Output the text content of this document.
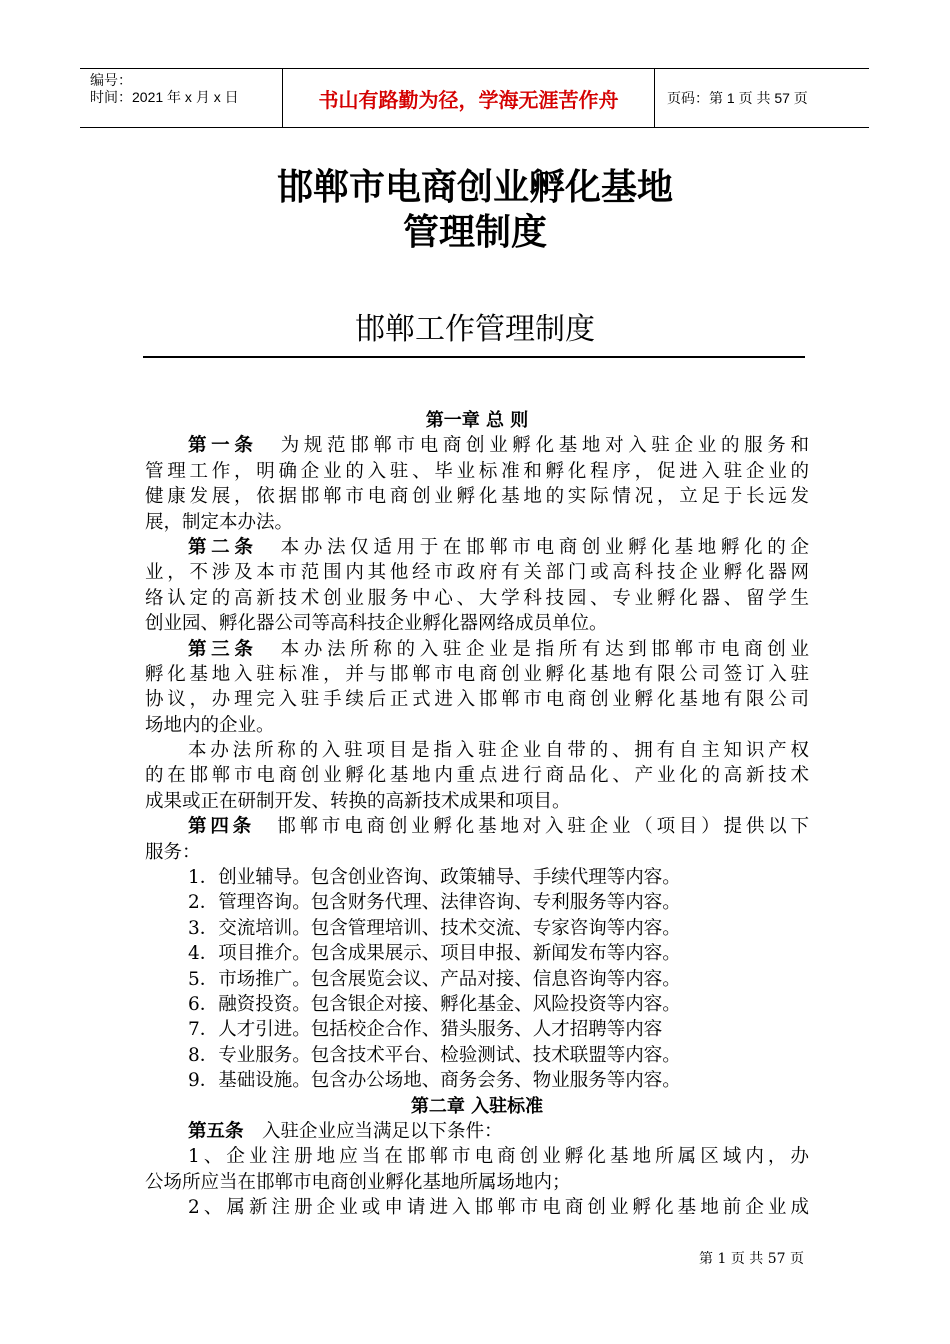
编号：
时间：2021 年 x 月 x 日	书山有路勤为径，学海无涯苦作舟	页码：第 1 页 共 57 页
邯郸市电商创业孵化基地
管理制度
邯郸工作管理制度
第一章 总 则
第一条　 为规范邯郸市电商创业孵化基地对入驻企业的服务和
管理工作，明确企业的入驻、毕业标准和孵化程序，促进入驻企业的
健康发展，依据邯郸市电商创业孵化基地的实际情况，立足于长远发
展，制定本办法。
第二条　 本办法仅适用于在邯郸市电商创业孵化基地孵化的企
业，不涉及本市范围内其他经市政府有关部门或高科技企业孵化器网
络认定的高新技术创业服务中心、大学科技园、专业孵化器、留学生
创业园、孵化器公司等高科技企业孵化器网络成员单位。
第三条　 本办法所称的入驻企业是指所有达到邯郸市电商创业
孵化基地入驻标准，并与邯郸市电商创业孵化基地有限公司签订入驻
协议，办理完入驻手续后正式进入邯郸市电商创业孵化基地有限公司
场地内的企业。
本办法所称的入驻项目是指入驻企业自带的、拥有自主知识产权
的在邯郸市电商创业孵化基地内重点进行商品化、产业化的高新技术
成果或正在研制开发、转换的高新技术成果和项目。
第四条　 邯郸市电商创业孵化基地对入驻企业（项目）提供以下
服务：
1．创业辅导。包含创业咨询、政策辅导、手续代理等内容。
2．管理咨询。包含财务代理、法律咨询、专利服务等内容。
3．交流培训。包含管理培训、技术交流、专家咨询等内容。
4．项目推介。包含成果展示、项目申报、新闻发布等内容。
5．市场推广。包含展览会议、产品对接、信息咨询等内容。
6．融资投资。包含银企对接、孵化基金、风险投资等内容。
7．人才引进。包括校企合作、猎头服务、人才招聘等内容
8．专业服务。包含技术平台、检验测试、技术联盟等内容。
9．基础设施。包含办公场地、商务会务、物业服务等内容。
第二章 入驻标准
第五条　 入驻企业应当满足以下条件：
1、企业注册地应当在邯郸市电商创业孵化基地所属区域内，办
公场所应当在邯郸市电商创业孵化基地所属场地内；
2、属新注册企业或申请进入邯郸市电商创业孵化基地前企业成
第 1 页 共 57 页
